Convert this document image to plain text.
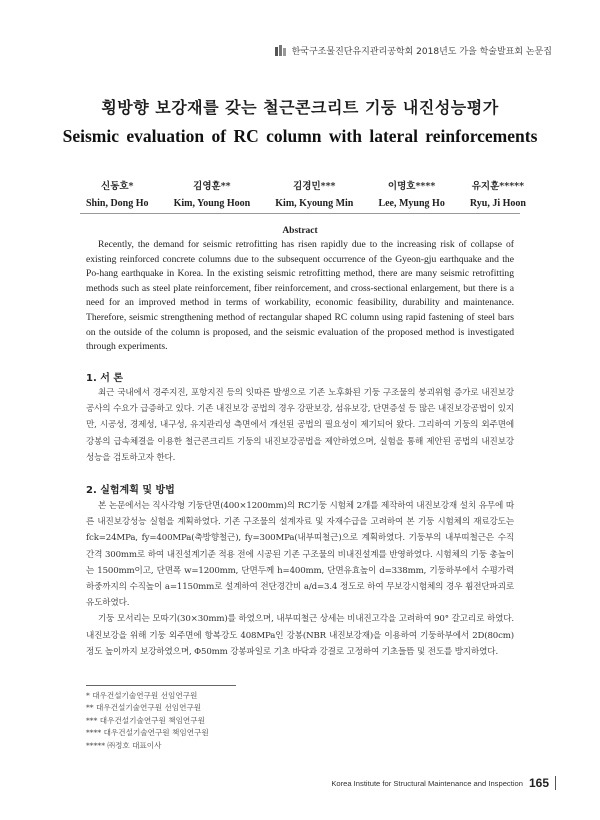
한국구조물진단유지관리공학회 2018년도 가을 학술발표회 논문집
횡방향 보강재를 갖는 철근콘크리트 기둥 내진성능평가
Seismic evaluation of RC column with lateral reinforcements
신동호*
Shin, Dong Ho
김영훈**
Kim, Young Hoon
김경민***
Kim, Kyoung Min
이명호****
Lee, Myung Ho
유지훈*****
Ryu, Ji Hoon
Abstract

Recently, the demand for seismic retrofitting has risen rapidly due to the increasing risk of collapse of existing reinforced concrete columns due to the subsequent occurrence of the Gyeon-gju earthquake and the Po-hang earthquake in Korea. In the existing seismic retrofitting method, there are many seismic retrofitting methods such as steel plate reinforcement, fiber reinforcement, and cross-sectional enlargement, but there is a need for an improved method in terms of workability, economic feasibility, durability and maintenance. Therefore, seismic strengthening method of rectangular shaped RC column using rapid fastening of steel bars on the outside of the column is proposed, and the seismic evaluation of the proposed method is investigated through experiments.

1. 서 론

최근 국내에서 경주지진, 포항지진 등의 잇따른 발생으로 기존 노후화된 기둥 구조물의 붕괴위험 증가로 내진보강공사의 수요가 급증하고 있다. 기존 내진보강 공법의 경우 강판보강, 섬유보강, 단면증설 등 많은 내진보강공법이 있지만, 시공성, 경제성, 내구성, 유지관리성 측면에서 개선된 공법의 필요성이 제기되어 왔다. 그리하여 기둥의 외주면에 강봉의 급속체결을 이용한 철근콘크리트 기둥의 내진보강공법을 제안하였으며, 실험을 통해 제안된 공법의 내진보강성능을 검토하고자 한다.

2. 실험계획 및 방법

본 논문에서는 직사각형 기둥단면(400×1200mm)의 RC기둥 시험체 2개를 제작하여 내진보강재 설치 유무에 따른 내진보강성능 실험을 계획하였다. 기존 구조물의 설계자료 및 자재수급을 고려하여 본 기둥 시험체의 재료강도는 fck=24MPa, fy=400MPa(축방향철근), fy=300MPa(내부띠철근)으로 계획하였다. 기둥부의 내부띠철근은 수직간격 300mm로 하여 내진설계기준 적용 전에 시공된 기존 구조물의 비내진설계를 반영하였다. 시험체의 기둥 총높이는 1500mm이고, 단면폭 w=1200mm, 단면두께 h=400mm, 단면유효높이 d=338mm, 기둥하부에서 수평가력하중까지의 수직높이 a=1150mm로 설계하여 전단경간비 a/d=3.4 정도로 하여 무보강시험체의 경우 휨전단파괴로 유도하였다.

기둥 모서리는 모따기(30×30mm)를 하였으며, 내부띠철근 상세는 비내진고각을 고려하여 90° 갈고리로 하였다. 내진보강을 위해 기둥 외주면에 항복강도 408MPa인 강봉(NBR 내진보강재)을 이용하여 기둥하부에서 2D(80cm)정도 높이까지 보강하였으며, Φ50mm 강봉파일로 기초 바닥과 강결로 고정하여 기초들뜸 및 전도를 방지하였다.

* 대우건설기술연구원 선임연구원
** 대우건설기술연구원 선임연구원
*** 대우건설기술연구원 책임연구원
**** 대우건설기술연구원 책임연구원
***** ㈜정호 대표이사
Korea Institute for Structural Maintenance and Inspection 165
